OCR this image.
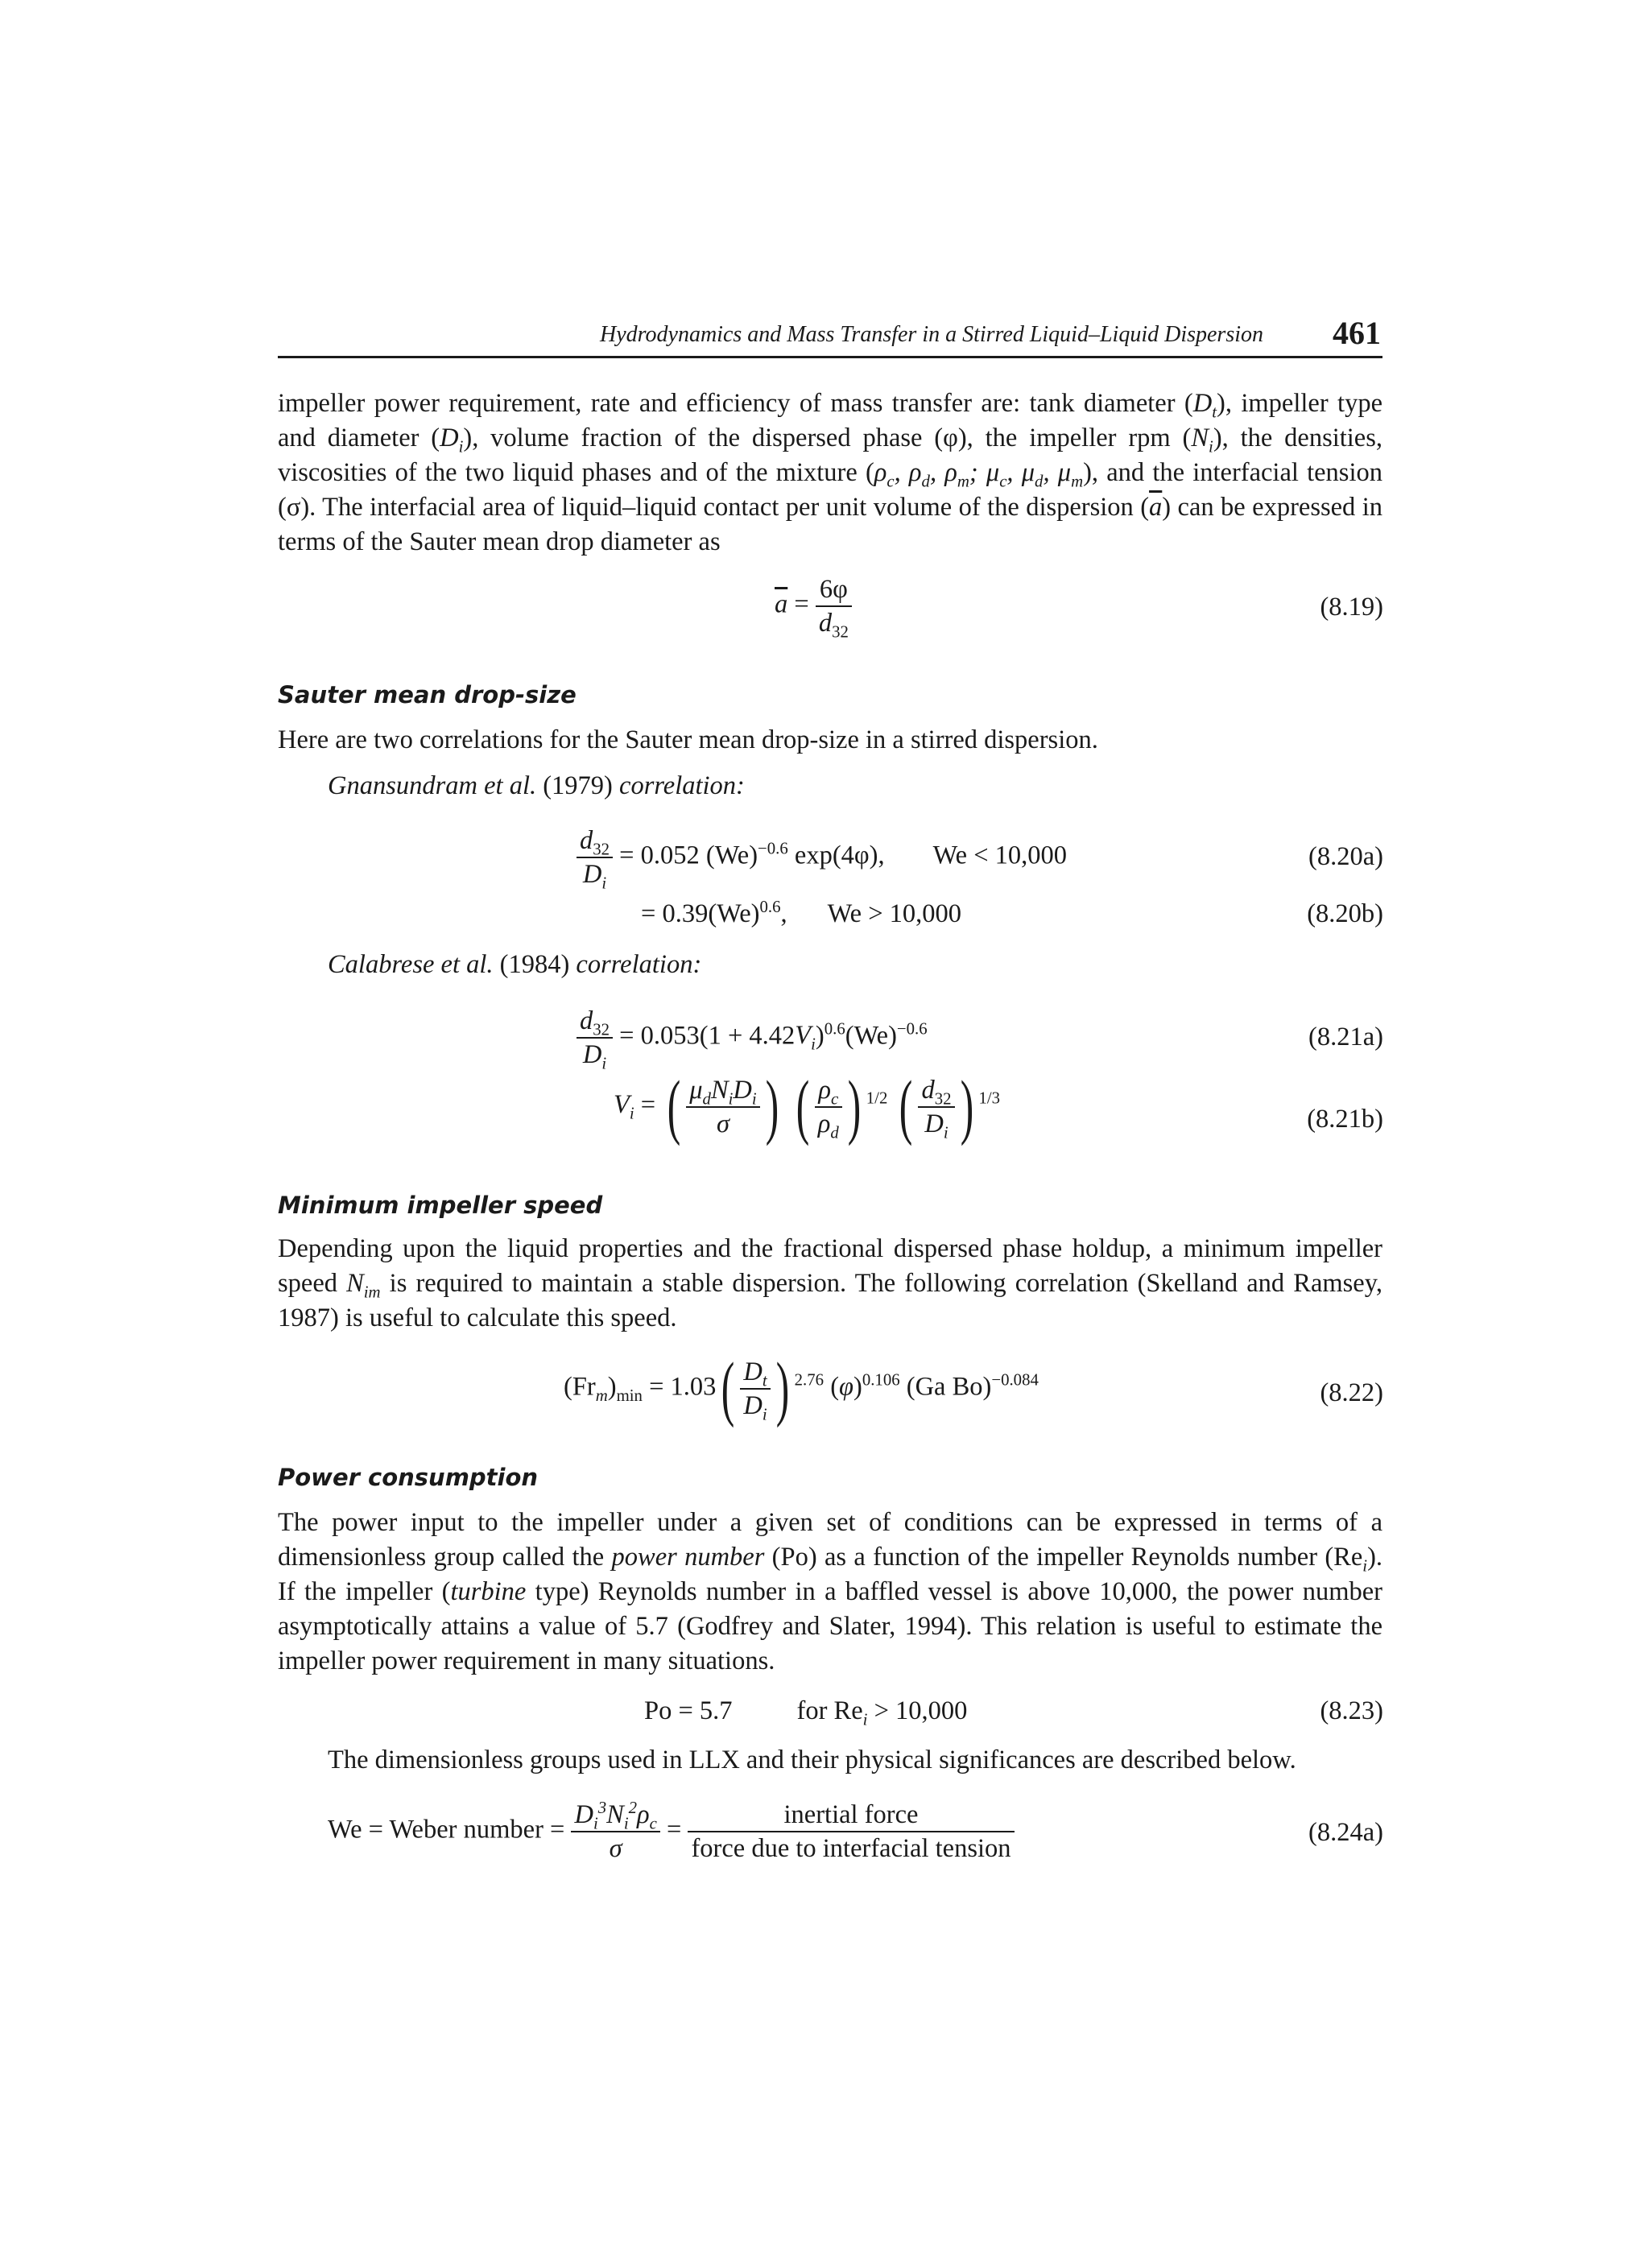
Hydrodynamics and Mass Transfer in a Stirred Liquid–Liquid Dispersion 461
impeller power requirement, rate and efficiency of mass transfer are: tank diameter $(D_t)$, impeller type and diameter $(D_i)$, volume fraction of the dispersed phase (φ), the impeller rpm $(N_i)$, the densities, viscosities of the two liquid phases and of the mixture ($\rho_c$, $\rho_d$, $\rho_m$; $\mu_c$, $\mu_d$, $\mu_m$), and the interfacial tension (σ). The interfacial area of liquid–liquid contact per unit volume of the dispersion $(\overline{a})$ can be expressed in terms of the Sauter mean drop diameter as
$\overline{a} = \frac{6\varphi}{d_{32}}$	(8.19)
Sauter mean drop-size
Here are two correlations for the Sauter mean drop-size in a stirred dispersion.
Gnansundram et al. (1979) correlation:
$\frac{d_{32}}{D_i} = 0.052$ $(We)^{-0.6}$ exp(4φ), We < 10,000	(8.20a)
= $0.39(We)^{0.6}$, We > 10,000	(8.20b)
Calabrese et al. (1984) correlation:
$\frac{d_{32}}{D_i} = 0.053(1 + 4.42V_i)^{0.6}(We)^{-0.6}$	(8.21a)
$V_i$ = ( $\frac{\mu_dN_iD_i}{\sigma}$ ) ( $\frac{\rho_c}{\rho_d}$ ) $^{1/2}$ ( $\frac{d_{32}}{D_i}$ ) $^{1/3}$
(8.21b)
Minimum impeller speed
Depending upon the liquid properties and the fractional dispersed phase holdup, a minimum impeller speed $N_{im}$ is required to maintain a stable dispersion. The following correlation (Skelland and Ramsey, 1987) is useful to calculate this speed.
$(Fr_m)_{min} = 1.03( \frac{D_t}{D_i}$ ) $^{2.76}$ $(\varphi)^{0.106}$ (Ga Bo)$^{-0.084}$	(8.22)
Power consumption
The power input to the impeller under a given set of conditions can be expressed in terms of a dimensionless group called the power number (Po) as a function of the impeller Reynolds number $(Re_i)$. If the impeller (turbine type) Reynolds number in a baffled vessel is above 10,000, the power number asymptotically attains a value of 5.7 (Godfrey and Slater, 1994). This relation is useful to estimate the impeller power requirement in many situations.
Po = 5.7 for $Re_i > 10,000$	(8.23)
The dimensionless groups used in LLX and their physical significances are described below.
We = Weber number = $\frac{D_i^3N_i^2\rho_c}{\sigma} = \frac{\text{inertial force}}{\text{force due to interfacial tension}}$	(8.24a)
